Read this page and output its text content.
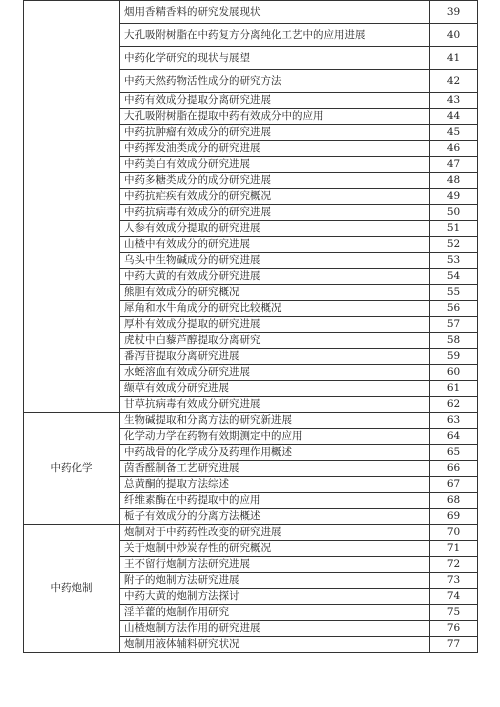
	烟用香精香料的研究发展现状	39
	大孔吸附树脂在中药复方分离纯化工艺中的应用进展	40
	中药化学研究的现状与展望	41
	中药天然药物活性成分的研究方法	42
	中药有效成分提取分离研究进展	43
	大孔吸附树脂在提取中药有效成分中的应用	44
	中药抗肿瘤有效成分的研究进展	45
	中药挥发油类成分的研究进展	46
	中药美白有效成分研究进展	47
	中药多糖类成分的成分研究进展	48
	中药抗疟疾有效成分的研究概况	49
	中药抗病毒有效成分的研究进展	50
	人参有效成分提取的研究进展	51
	山楂中有效成分的研究进展	52
	乌头中生物碱成分的研究进展	53
	中药大黄的有效成分研究进展	54
	熊胆有效成分的研究概况	55
	犀角和水牛角成分的研究比较概况	56
	厚朴有效成分提取的研究进展	57
	虎杖中白藜芦醇提取分离研究	58
	番泻苷提取分离研究进展	59
	水蛭溶血有效成分研究进展	60
	缬草有效成分研究进展	61
	甘草抗病毒有效成分研究进展	62
中药化学	生物碱提取和分离方法的研究新进展	63
	化学动力学在药物有效期测定中的应用	64
	中药战骨的化学成分及药理作用概述	65
	茵香醛制备工艺研究进展	66
	总黄酮的提取方法综述	67
	纤维素酶在中药提取中的应用	68
	栀子有效成分的分离方法概述	69
中药炮制	炮制对于中药药性改变的研究进展	70
	关于炮制中炒炭存性的研究概况	71
	王不留行炮制方法研究进展	72
	附子的炮制方法研究进展	73
	中药大黄的炮制方法探讨	74
	淫羊藿的炮制作用研究	75
	山楂炮制方法作用的研究进展	76
	炮制用液体辅料研究状况	77
